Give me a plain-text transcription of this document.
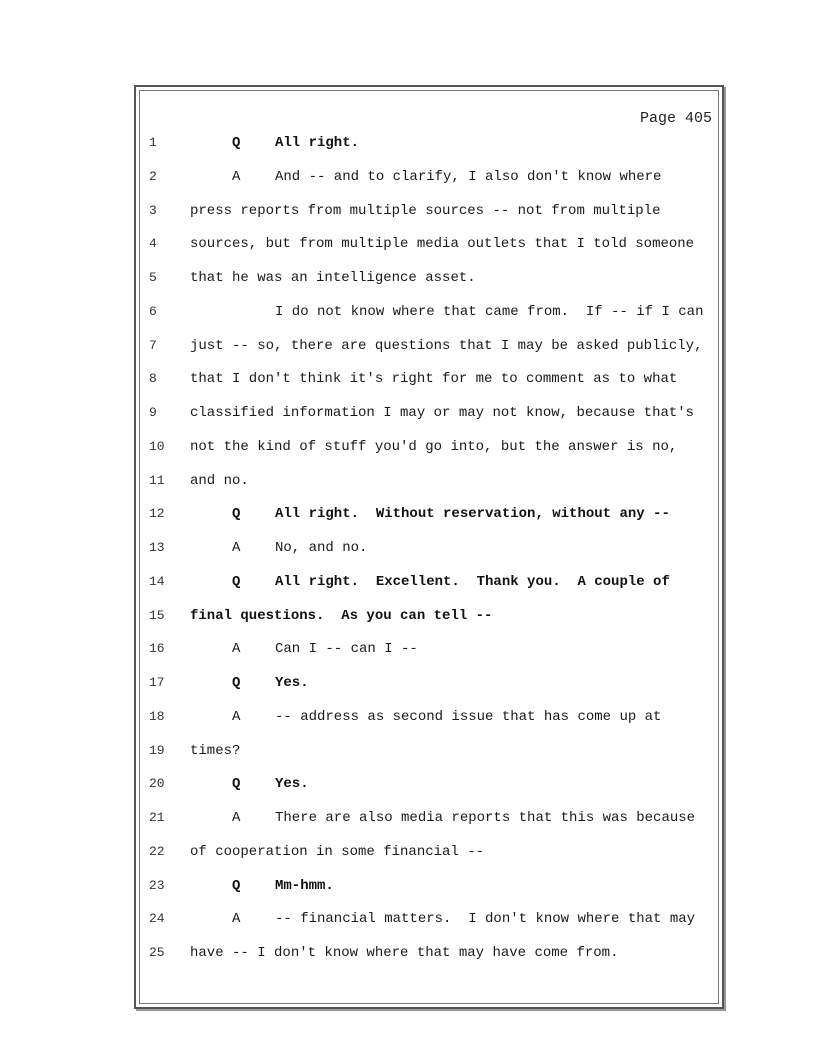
Page 405
1	Q All right.
2	A And -- and to clarify, I also don't know where
3	press reports from multiple sources -- not from multiple
4	sources, but from multiple media outlets that I told someone
5	that he was an intelligence asset.
6	I do not know where that came from.  If -- if I can
7	just -- so, there are questions that I may be asked publicly,
8	that I don't think it's right for me to comment as to what
9	classified information I may or may not know, because that's
10	not the kind of stuff you'd go into, but the answer is no,
11	and no.
12	Q All right.  Without reservation, without any --
13	A No, and no.
14	Q All right.  Excellent.  Thank you.  A couple of
15	final questions.  As you can tell --
16	A Can I -- can I --
17	Q Yes.
18	A -- address as second issue that has come up at
19	times?
20	Q Yes.
21	A There are also media reports that this was because
22	of cooperation in some financial --
23	Q Mm-hmm.
24	A -- financial matters.  I don't know where that may
25	have -- I don't know where that may have come from.
